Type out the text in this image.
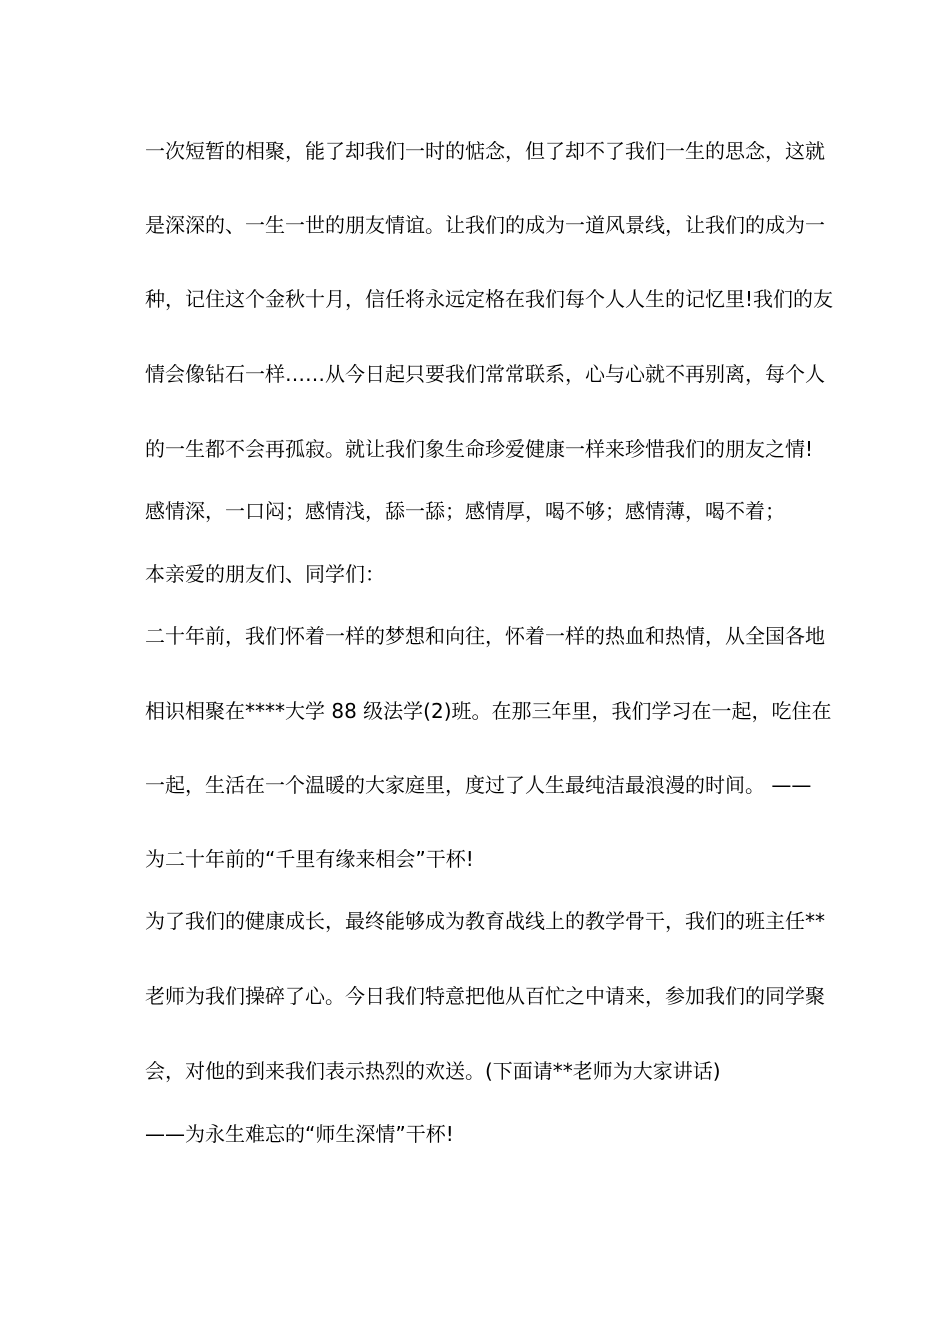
一次短暂的相聚，能了却我们一时的惦念，但了却不了我们一生的思念，这就
是深深的、一生一世的朋友情谊。让我们的成为一道风景线，让我们的成为一
种，记住这个金秋十月，信任将永远定格在我们每个人人生的记忆里!我们的友
情会像钻石一样……从今日起只要我们常常联系，心与心就不再别离，每个人
的一生都不会再孤寂。就让我们象生命珍爱健康一样来珍惜我们的朋友之情!
感情深，一口闷；感情浅，舔一舔；感情厚，喝不够；感情薄，喝不着；
本亲爱的朋友们、同学们：
二十年前，我们怀着一样的梦想和向往，怀着一样的热血和热情，从全国各地
相识相聚在****大学 88 级法学(2)班。在那三年里，我们学习在一起，吃住在
一起，生活在一个温暖的大家庭里，度过了人生最纯洁最浪漫的时间。 ——
为二十年前的“千里有缘来相会”干杯!
为了我们的健康成长，最终能够成为教育战线上的教学骨干，我们的班主任**
老师为我们操碎了心。今日我们特意把他从百忙之中请来，参加我们的同学聚
会，对他的到来我们表示热烈的欢送。(下面请**老师为大家讲话)
——为永生难忘的“师生深情”干杯!
